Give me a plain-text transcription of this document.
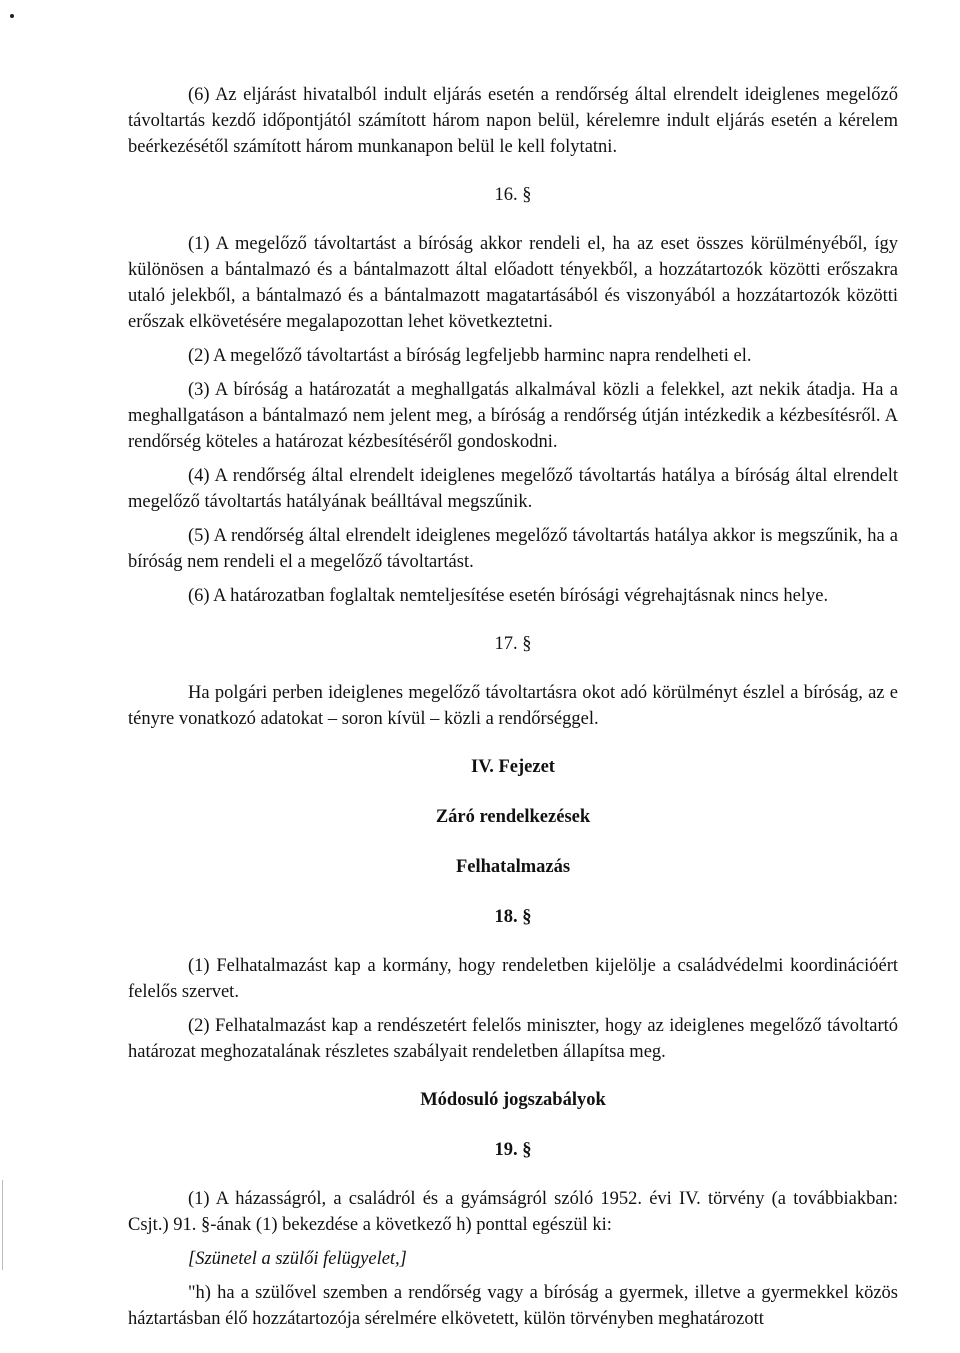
(6) Az eljárást hivatalból indult eljárás esetén a rendőrség által elrendelt ideiglenes megelőző távoltartás kezdő időpontjától számított három napon belül, kérelemre indult eljárás esetén a kérelem beérkezésétől számított három munkanapon belül le kell folytatni.

16. §

(1) A megelőző távoltartást a bíróság akkor rendeli el, ha az eset összes körülményéből, így különösen a bántalmazó és a bántalmazott által előadott tényekből, a hozzátartozók közötti erőszakra utaló jelekből, a bántalmazó és a bántalmazott magatartásából és viszonyából a hozzátartozók közötti erőszak elkövetésére megalapozottan lehet következtetni.

(2) A megelőző távoltartást a bíróság legfeljebb harminc napra rendelheti el.

(3) A bíróság a határozatát a meghallgatás alkalmával közli a felekkel, azt nekik átadja. Ha a meghallgatáson a bántalmazó nem jelent meg, a bíróság a rendőrség útján intézkedik a kézbesítésről. A rendőrség köteles a határozat kézbesítéséről gondoskodni.

(4) A rendőrség által elrendelt ideiglenes megelőző távoltartás hatálya a bíróság által elrendelt megelőző távoltartás hatályának beálltával megszűnik.

(5) A rendőrség által elrendelt ideiglenes megelőző távoltartás hatálya akkor is megszűnik, ha a bíróság nem rendeli el a megelőző távoltartást.

(6) A határozatban foglaltak nemteljesítése esetén bírósági végrehajtásnak nincs helye.

17. §

Ha polgári perben ideiglenes megelőző távoltartásra okot adó körülményt észlel a bíróság, az e tényre vonatkozó adatokat – soron kívül – közli a rendőrséggel.

IV. Fejezet

Záró rendelkezések

Felhatalmazás

18. §

(1) Felhatalmazást kap a kormány, hogy rendeletben kijelölje a családvédelmi koordinációért felelős szervet.

(2) Felhatalmazást kap a rendészetért felelős miniszter, hogy az ideiglenes megelőző távoltartó határozat meghozatalának részletes szabályait rendeletben állapítsa meg.

Módosuló jogszabályok

19. §

(1) A házasságról, a családról és a gyámságról szóló 1952. évi IV. törvény (a továbbiakban: Csjt.) 91. §-ának (1) bekezdése a következő h) ponttal egészül ki:

[Szünetel a szülői felügyelet,]

"h) ha a szülővel szemben a rendőrség vagy a bíróság a gyermek, illetve a gyermekkel közös háztartásban élő hozzátartozója sérelmére elkövetett, külön törvényben meghatározott
